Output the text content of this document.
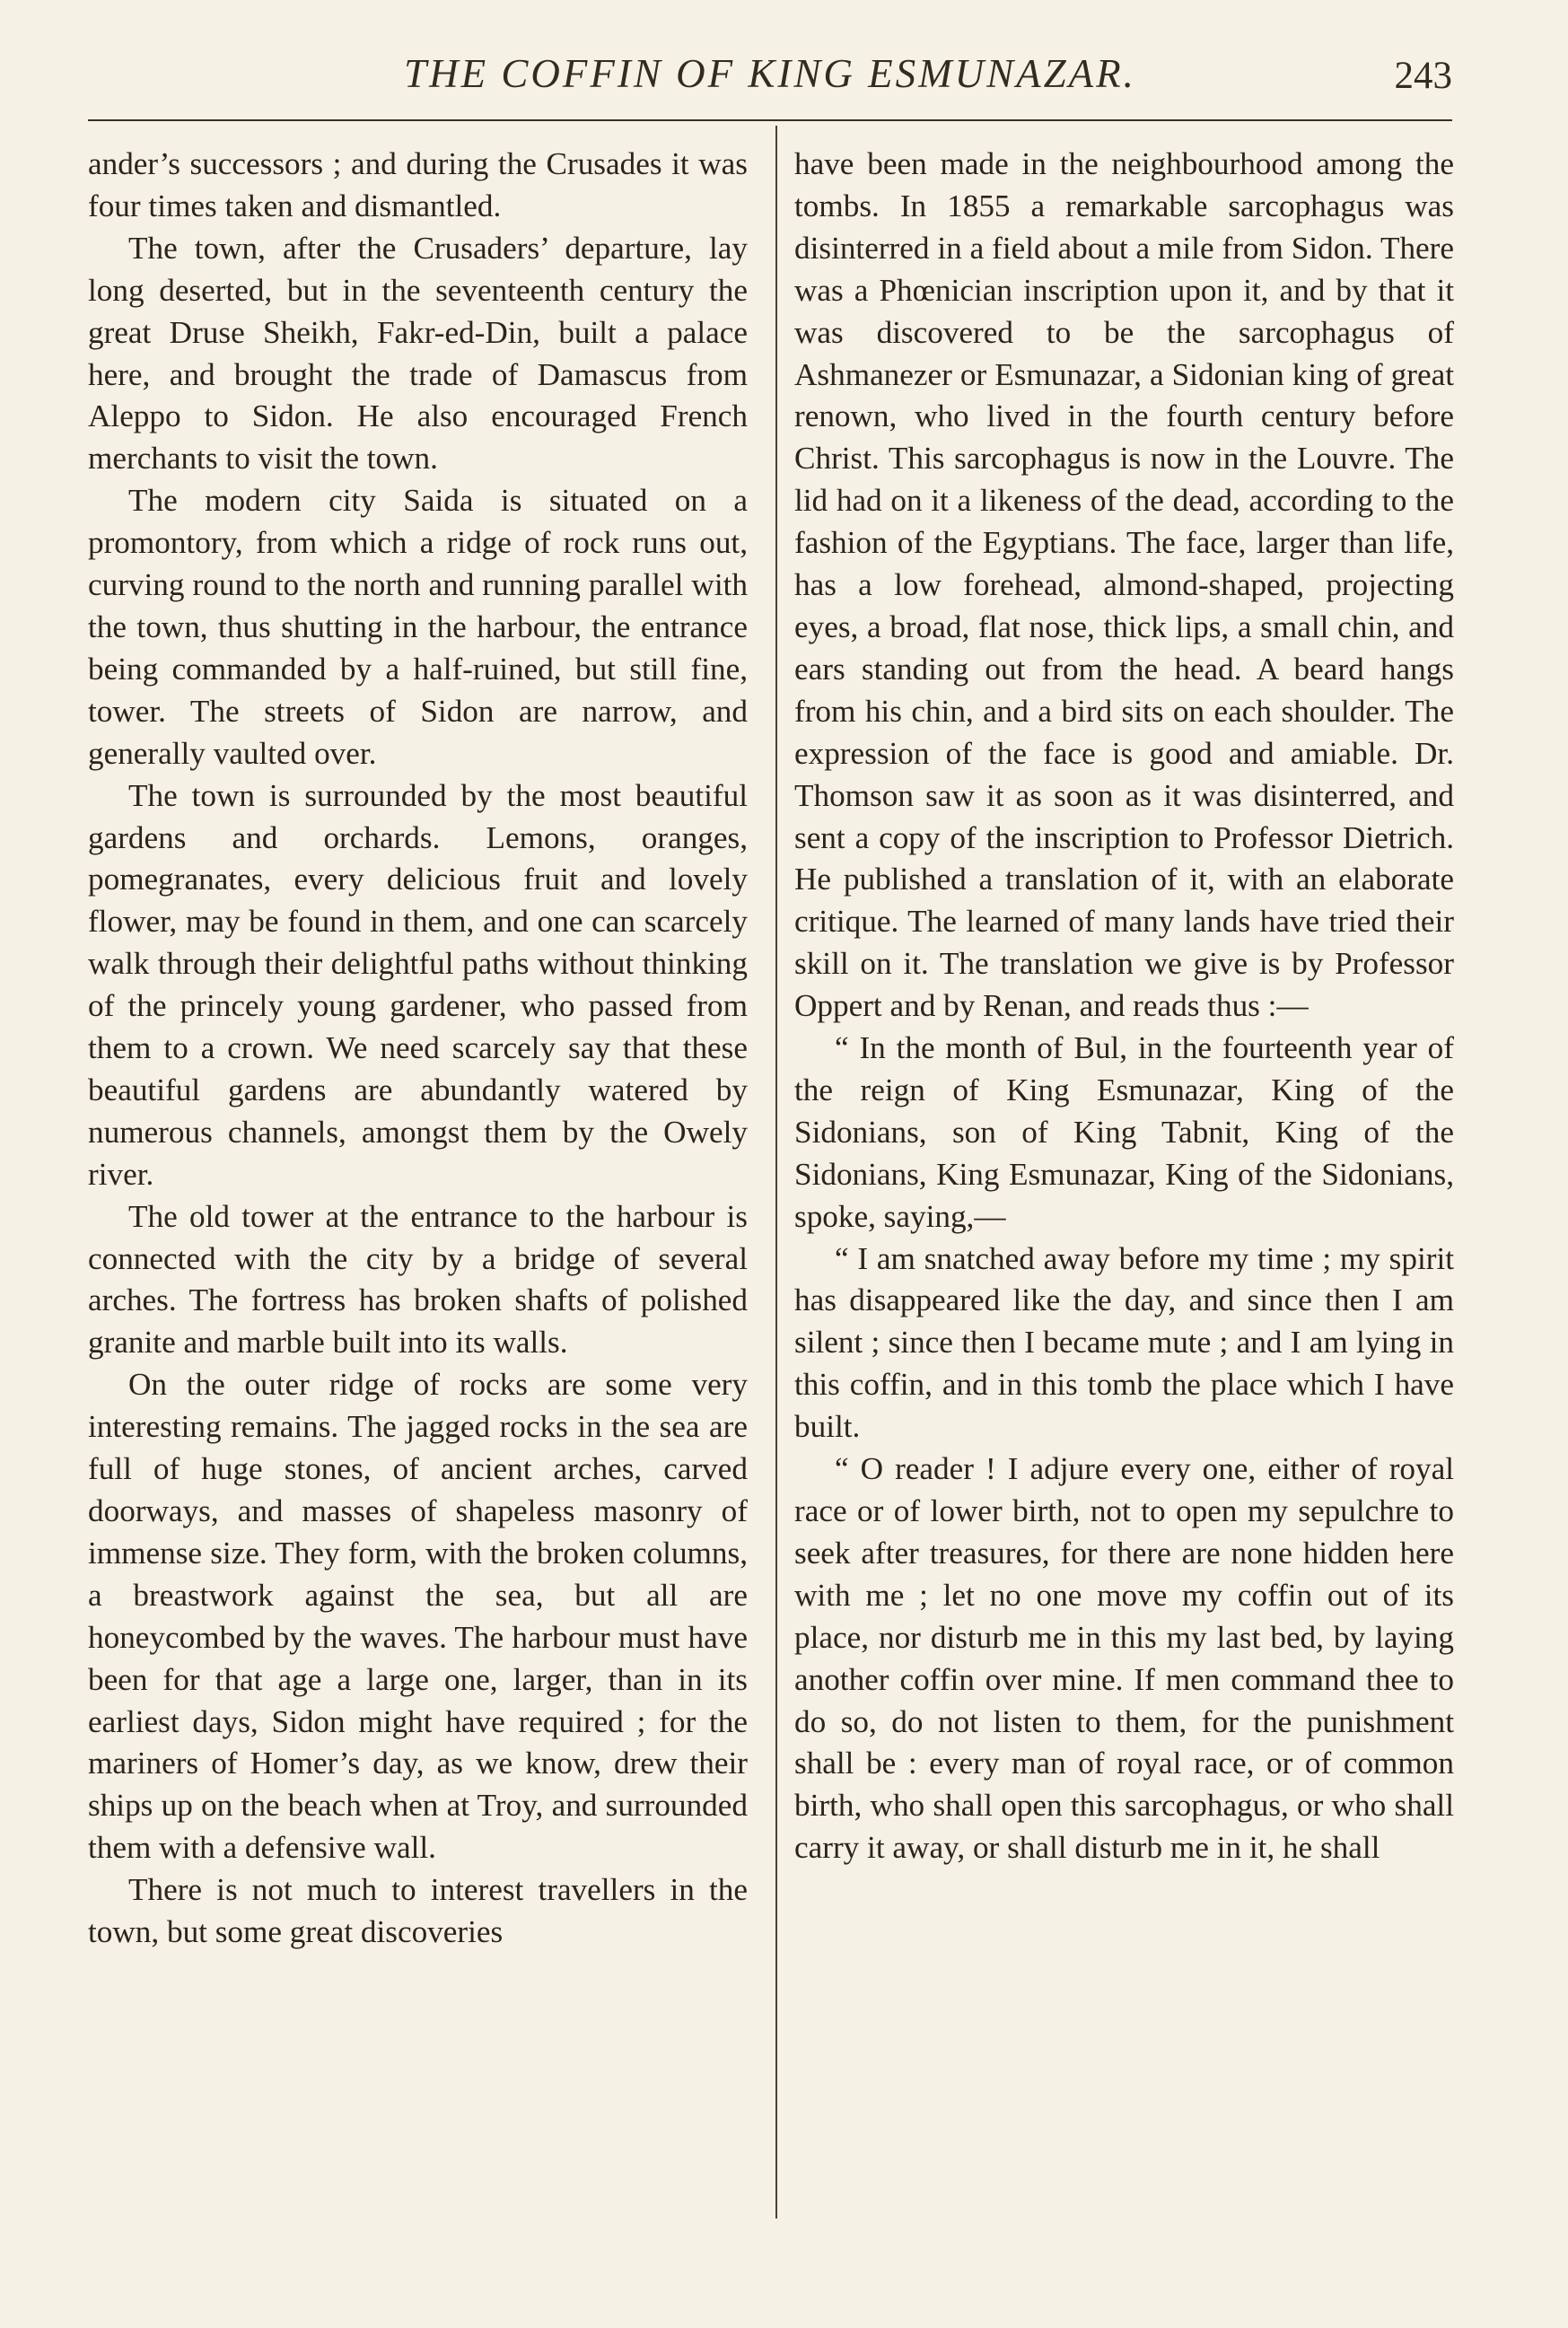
THE COFFIN OF KING ESMUNAZAR.	243

ander’s successors ; and during the Crusades it was four times taken and dismantled.

The town, after the Crusaders’ departure, lay long deserted, but in the seventeenth century the great Druse Sheikh, Fakr-ed-Din, built a palace here, and brought the trade of Damascus from Aleppo to Sidon. He also encouraged French merchants to visit the town.

The modern city Saida is situated on a promontory, from which a ridge of rock runs out, curving round to the north and running parallel with the town, thus shutting in the harbour, the entrance being commanded by a half-ruined, but still fine, tower. The streets of Sidon are narrow, and generally vaulted over.

The town is surrounded by the most beautiful gardens and orchards. Lemons, oranges, pomegranates, every delicious fruit and lovely flower, may be found in them, and one can scarcely walk through their delightful paths without thinking of the princely young gardener, who passed from them to a crown. We need scarcely say that these beautiful gardens are abundantly watered by numerous channels, amongst them by the Owely river.

The old tower at the entrance to the harbour is connected with the city by a bridge of several arches. The fortress has broken shafts of polished granite and marble built into its walls.

On the outer ridge of rocks are some very interesting remains. The jagged rocks in the sea are full of huge stones, of ancient arches, carved doorways, and masses of shapeless masonry of immense size. They form, with the broken columns, a breastwork against the sea, but all are honeycombed by the waves. The harbour must have been for that age a large one, larger, than in its earliest days, Sidon might have required ; for the mariners of Homer’s day, as we know, drew their ships up on the beach when at Troy, and surrounded them with a defensive wall.

There is not much to interest travellers in the town, but some great discoveries

have been made in the neighbourhood among the tombs. In 1855 a remarkable sarcophagus was disinterred in a field about a mile from Sidon. There was a Phœnician inscription upon it, and by that it was discovered to be the sarcophagus of Ashmanezer or Esmunazar, a Sidonian king of great renown, who lived in the fourth century before Christ. This sarcophagus is now in the Louvre. The lid had on it a likeness of the dead, according to the fashion of the Egyptians. The face, larger than life, has a low forehead, almond-shaped, projecting eyes, a broad, flat nose, thick lips, a small chin, and ears standing out from the head. A beard hangs from his chin, and a bird sits on each shoulder. The expression of the face is good and amiable. Dr. Thomson saw it as soon as it was disinterred, and sent a copy of the inscription to Professor Dietrich. He published a translation of it, with an elaborate critique. The learned of many lands have tried their skill on it. The translation we give is by Professor Oppert and by Renan, and reads thus :—

“ In the month of Bul, in the fourteenth year of the reign of King Esmunazar, King of the Sidonians, son of King Tabnit, King of the Sidonians, King Esmunazar, King of the Sidonians, spoke, saying,—

“ I am snatched away before my time ; my spirit has disappeared like the day, and since then I am silent ; since then I became mute ; and I am lying in this coffin, and in this tomb the place which I have built.

“ O reader ! I adjure every one, either of royal race or of lower birth, not to open my sepulchre to seek after treasures, for there are none hidden here with me ; let no one move my coffin out of its place, nor disturb me in this my last bed, by laying another coffin over mine. If men command thee to do so, do not listen to them, for the punishment shall be : every man of royal race, or of common birth, who shall open this sarcophagus, or who shall carry it away, or shall disturb me in it, he shall
